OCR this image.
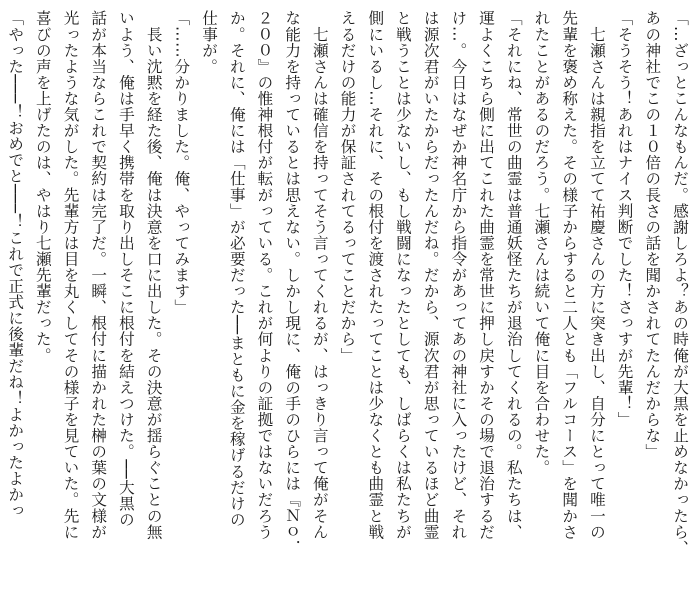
「…ざっとこんなもんだ。感謝しろよ？あの時俺が大黒を止めなかったら、
あの神社でこの１０倍の長さの話を聞かされてたんだからな」
「そうそう！あれはナイス判断でした！さっすが先輩！」
　七瀬さんは親指を立てて祐慶さんの方に突き出し、自分にとって唯一の
先輩を褒め称えた。その様子からすると二人とも「フルコース」を聞かさ
れたことがあるのだろう。七瀬さんは続いて俺に目を合わせた。
「それにね、常世の曲霊は普通妖怪たちが退治してくれるの。私たちは、
運よくこちら側に出てこれた曲霊を常世に押し戻すかその場で退治するだ
け…。今日はなぜか神名庁から指令があってあの神社に入ったけど、それ
は源次君がいたからだったんだね。だから、源次君が思っているほど曲霊
と戦うことは少ないし、もし戦闘になったとしても、しばらくは私たちが
側にいるし…それに、その根付を渡されたってことは少なくとも曲霊と戦
えるだけの能力が保証されてるってことだから」
　七瀬さんは確信を持ってそう言ってくれるが、はっきり言って俺がそん
な能力を持っているとは思えない。しかし現に、俺の手のひらには『Ｎｏ．
２００』の惟神根付が転がっている。これが何よりの証拠ではないだろう
か。それに、俺には「仕事」が必要だった──まともに金を稼げるだけの
仕事が。
「……分かりました。俺、やってみます」
　長い沈黙を経た後、俺は決意を口に出した。その決意が揺らぐことの無
いよう、俺は手早く携帯を取り出しそこに根付を結えつけた。──大黒の
話が本当ならこれで契約は完了だ。一瞬、根付に描かれた榊の葉の文様が
光ったような気がした。先輩方は目を丸くしてその様子を見ていた。先に
喜びの声を上げたのは、やはり七瀬先輩だった。
「やった───！おめでと───！これで正式に後輩だね！よかったよかっ
